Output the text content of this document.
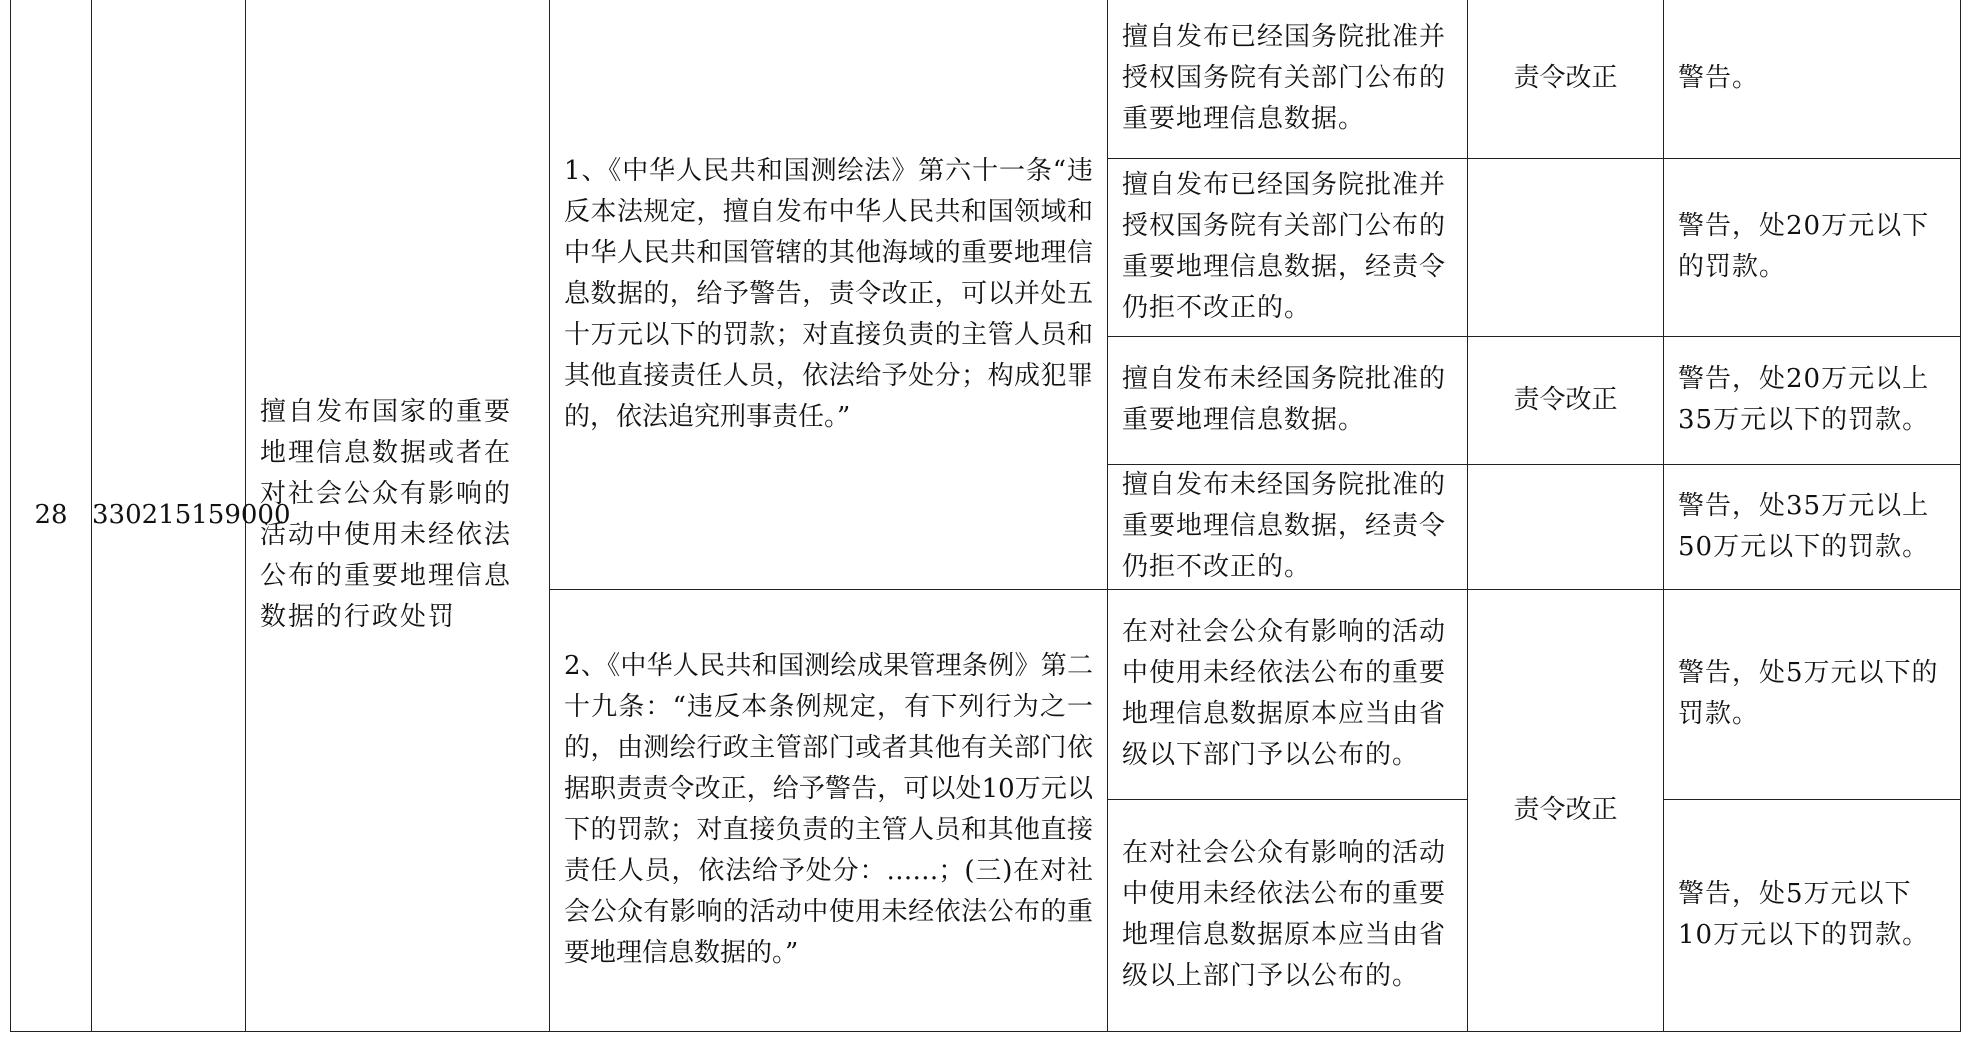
28	330215159000	擅自发布国家的重要地理信息数据或者在对社会公众有影响的活动中使用未经依法公布的重要地理信息数据的行政处罚	1、《中华人民共和国测绘法》第六十一条“违反本法规定，擅自发布中华人民共和国领域和中华人民共和国管辖的其他海域的重要地理信息数据的，给予警告，责令改正，可以并处五十万元以下的罚款；对直接负责的主管人员和其他直接责任人员，依法给予处分；构成犯罪的，依法追究刑事责任。”	擅自发布已经国务院批准并授权国务院有关部门公布的重要地理信息数据。	责令改正	警告。
				擅自发布已经国务院批准并授权国务院有关部门公布的重要地理信息数据，经责令仍拒不改正的。		警告，处20万元以下的罚款。
				擅自发布未经国务院批准的重要地理信息数据。	责令改正	警告，处20万元以上35万元以下的罚款。
				擅自发布未经国务院批准的重要地理信息数据，经责令仍拒不改正的。		警告，处35万元以上50万元以下的罚款。
			2、《中华人民共和国测绘成果管理条例》第二十九条：“违反本条例规定，有下列行为之一的，由测绘行政主管部门或者其他有关部门依据职责责令改正，给予警告，可以处10万元以下的罚款；对直接负责的主管人员和其他直接责任人员，依法给予处分：……；(三)在对社会公众有影响的活动中使用未经依法公布的重要地理信息数据的。”	在对社会公众有影响的活动中使用未经依法公布的重要地理信息数据原本应当由省级以下部门予以公布的。	责令改正	警告，处5万元以下的罚款。
				在对社会公众有影响的活动中使用未经依法公布的重要地理信息数据原本应当由省级以上部门予以公布的。		警告，处5万元以下10万元以下的罚款。
